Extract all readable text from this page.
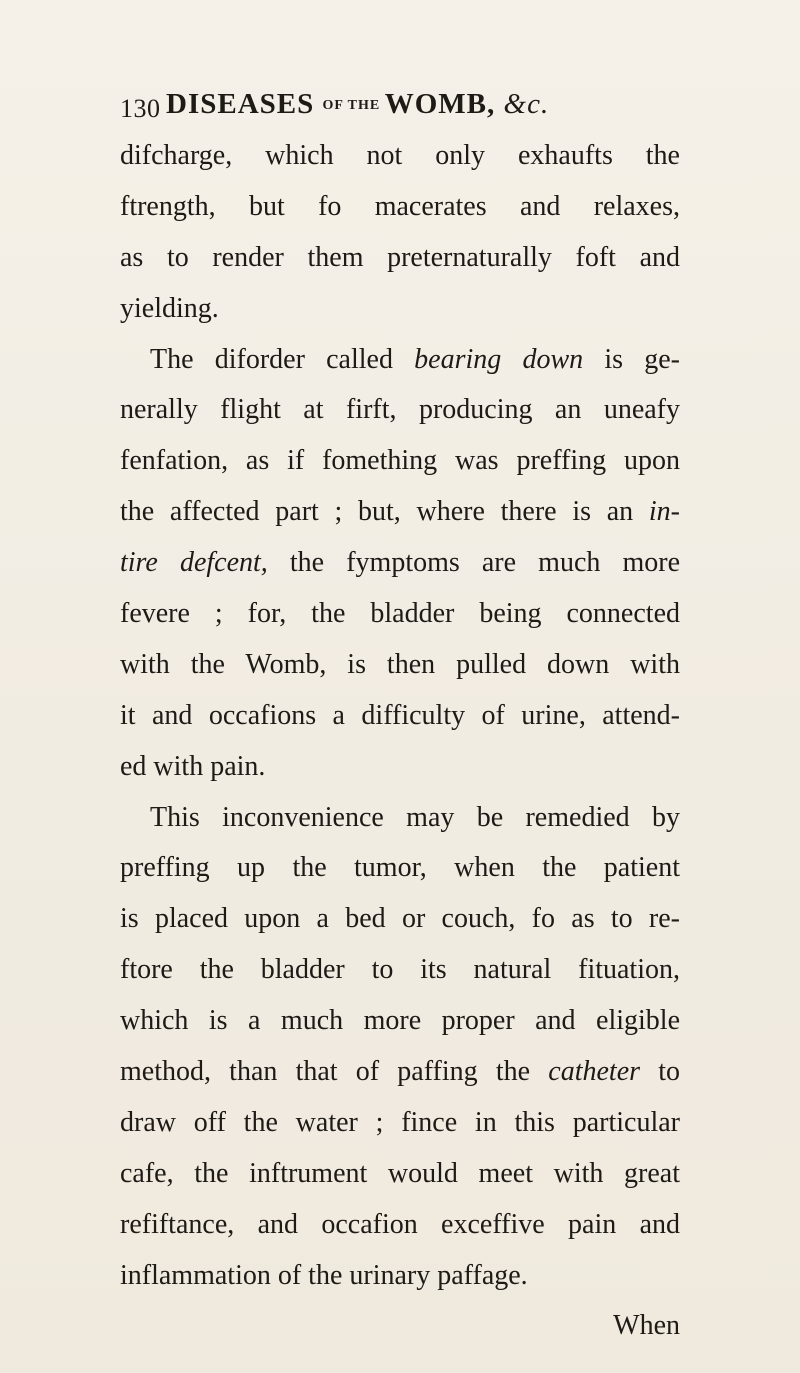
130 DISEASES OF THE WOMB, &c.
difcharge, which not only exhaufts the
ftrength, but fo macerates and relaxes,
as to render them preternaturally foft and
yielding.
The diforder called bearing down is ge-
nerally flight at firft, producing an uneafy
fenfation, as if fomething was preffing upon
the affected part ; but, where there is an in-
tire defcent, the fymptoms are much more
fevere ; for, the bladder being connected
with the Womb, is then pulled down with
it and occafions a difficulty of urine, attend-
ed with pain.
This inconvenience may be remedied by
preffing up the tumor, when the patient
is placed upon a bed or couch, fo as to re-
ftore the bladder to its natural fituation,
which is a much more proper and eligible
method, than that of paffing the catheter to
draw off the water ; fince in this particular
cafe, the inftrument would meet with great
refiftance, and occafion exceffive pain and
inflammation of the urinary paffage.
When
